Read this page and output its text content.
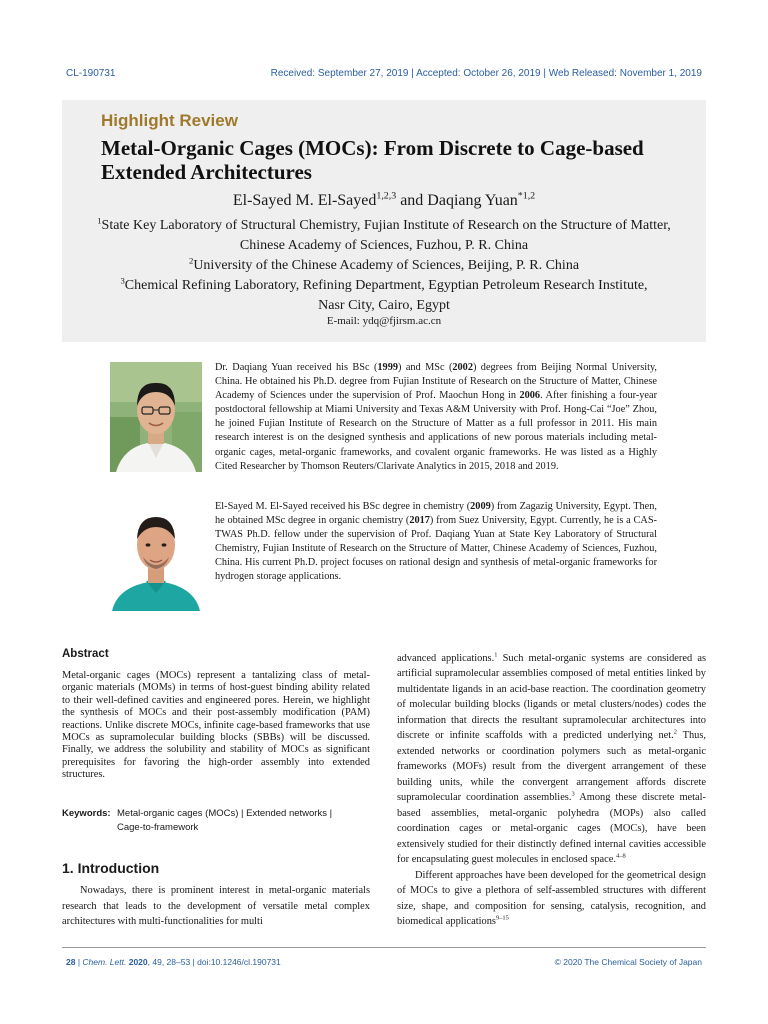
CL-190731	Received: September 27, 2019 | Accepted: October 26, 2019 | Web Released: November 1, 2019
Highlight Review
Metal-Organic Cages (MOCs): From Discrete to Cage-based Extended Architectures
El-Sayed M. El-Sayed$^{1,2,3}$ and Daqiang Yuan$^{*1,2}$
$^1$State Key Laboratory of Structural Chemistry, Fujian Institute of Research on the Structure of Matter,
Chinese Academy of Sciences, Fuzhou, P. R. China
$^2$University of the Chinese Academy of Sciences, Beijing, P. R. China
$^3$Chemical Refining Laboratory, Refining Department, Egyptian Petroleum Research Institute,
Nasr City, Cairo, Egypt
E-mail: ydq@fjirsm.ac.cn
Dr. Daqiang Yuan received his BSc (1999) and MSc (2002) degrees from Beijing Normal University, China. He obtained his Ph.D. degree from Fujian Institute of Research on the Structure of Matter, Chinese Academy of Sciences under the supervision of Prof. Maochun Hong in 2006. After finishing a four-year postdoctoral fellowship at Miami University and Texas A&M University with Prof. Hong-Cai “Joe” Zhou, he joined Fujian Institute of Research on the Structure of Matter as a full professor in 2011. His main research interest is on the designed synthesis and applications of new porous materials including metal-organic cages, metal-organic frameworks, and covalent organic frameworks. He was listed as a Highly Cited Researcher by Thomson Reuters/Clarivate Analytics in 2015, 2018 and 2019.
El-Sayed M. El-Sayed received his BSc degree in chemistry (2009) from Zagazig University, Egypt. Then, he obtained MSc degree in organic chemistry (2017) from Suez University, Egypt. Currently, he is a CAS-TWAS Ph.D. fellow under the supervision of Prof. Daqiang Yuan at State Key Laboratory of Structural Chemistry, Fujian Institute of Research on the Structure of Matter, Chinese Academy of Sciences, Fuzhou, China. His current Ph.D. project focuses on rational design and synthesis of metal-organic frameworks for hydrogen storage applications.
Abstract
Metal-organic cages (MOCs) represent a tantalizing class of metal-organic materials (MOMs) in terms of host-guest binding ability related to their well-defined cavities and engineered pores. Herein, we highlight the synthesis of MOCs and their post-assembly modification (PAM) reactions. Unlike discrete MOCs, infinite cage-based frameworks that use MOCs as supramolecular building blocks (SBBs) will be discussed. Finally, we address the solubility and stability of MOCs as significant prerequisites for favoring the high-order assembly into extended structures.
Keywords: Metal-organic cages (MOCs) | Extended networks |
Cage-to-framework
1. Introduction
Nowadays, there is prominent interest in metal-organic materials research that leads to the development of versatile metal complex architectures with multi-functionalities for multi

advanced applications.$^1$ Such metal-organic systems are considered as artificial supramolecular assemblies composed of metal entities linked by multidentate ligands in an acid-base reaction. The coordination geometry of molecular building blocks (ligands or metal clusters/nodes) codes the information that directs the resultant supramolecular architectures into discrete or infinite scaffolds with a predicted underlying net.$^2$ Thus, extended networks or coordination polymers such as metal-organic frameworks (MOFs) result from the divergent arrangement of these building units, while the convergent arrangement affords discrete supramolecular coordination assemblies.$^3$ Among these discrete metal-based assemblies, metal-organic polyhedra (MOPs) also called coordination cages or metal-organic cages (MOCs), have been extensively studied for their distinctly defined internal cavities accessible for encapsulating guest molecules in enclosed space.$^{4-8}$

Different approaches have been developed for the geometrical design of MOCs to give a plethora of self-assembled structures with different size, shape, and composition for sensing, catalysis, recognition, and biomedical applications$^{9-15}$

28 | Chem. Lett. 2020, 49, 28–53 | doi:10.1246/cl.190731	© 2020 The Chemical Society of Japan
